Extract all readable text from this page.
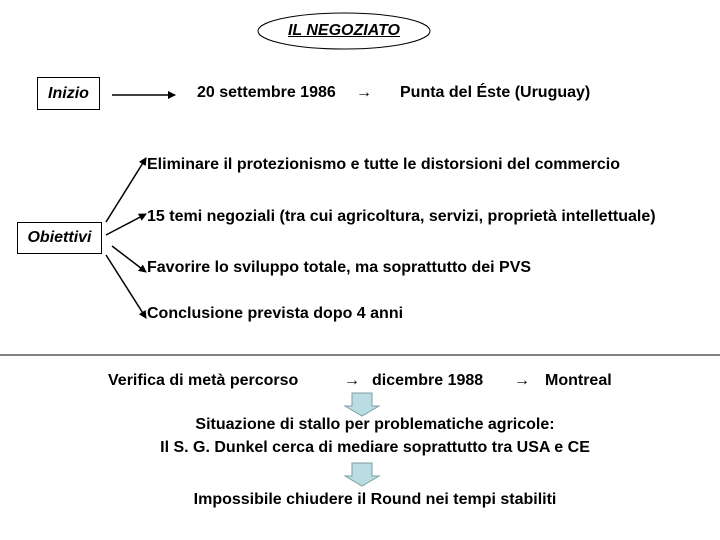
IL NEGOZIATO
Inizio	20 settembre 1986 → Punta del Éste (Uruguay)
Obiettivi
Eliminare il protezionismo e tutte le distorsioni del commercio
15 temi negoziali (tra cui agricoltura, servizi, proprietà intellettuale)
Favorire lo sviluppo totale, ma soprattutto dei PVS
Conclusione prevista dopo 4 anni
Verifica di metà percorso	→ dicembre 1988 → Montreal
Situazione di stallo per problematiche agricole:
Il S. G. Dunkel cerca di mediare soprattutto tra USA e CE
Impossibile chiudere il Round nei tempi stabiliti
